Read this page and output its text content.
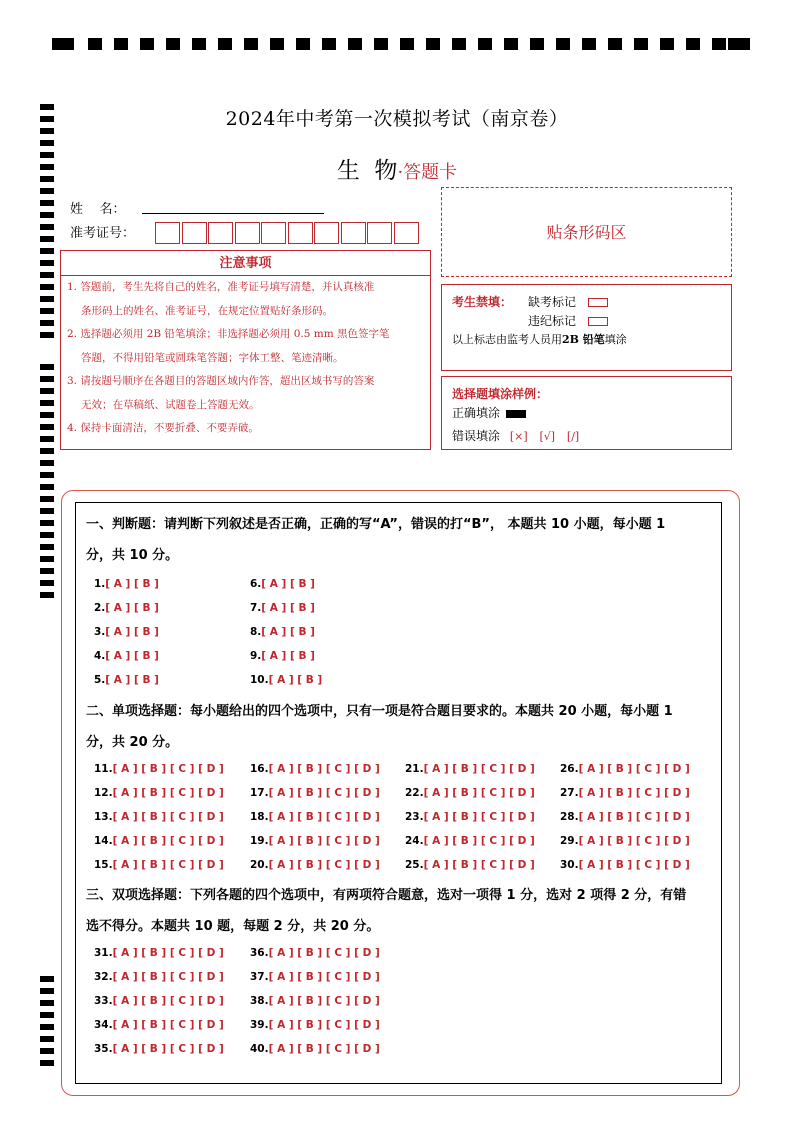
2024年中考第一次模拟考试（南京卷）
生  物·答题卡
姓    名：
准考证号：	贴条形码区
注意事项

1. 答题前，考生先将自己的姓名，准考证号填写清楚，并认真核准

条形码上的姓名、准考证号，在规定位置贴好条形码。

2. 选择题必须用 2B 铅笔填涂；非选择题必须用 0.5 mm 黑色签字笔

答题，不得用铅笔或圆珠笔答题；字体工整、笔迹清晰。

3. 请按题号顺序在各题目的答题区域内作答，超出区域书写的答案

无效；在草稿纸、试题卷上答题无效。

4. 保持卡面清洁，不要折叠、不要弄破。

考生禁填： 缺考标记
违纪标记
以上标志由监考人员用2B 铅笔填涂
选择题填涂样例：
正确填涂
错误填涂 [×] [√] [/]
一、判断题：请判断下列叙述是否正确，正确的写“A”，错误的打“B”， 本题共 10 小题，每小题 1
分，共 10 分。
1.[ A ] [ B ]
2.[ A ] [ B ]
3.[ A ] [ B ]
4.[ A ] [ B ]
5.[ A ] [ B ]
6.[ A ] [ B ]
7.[ A ] [ B ]
8.[ A ] [ B ]
9.[ A ] [ B ]
10.[ A ] [ B ]
二、单项选择题：每小题给出的四个选项中，只有一项是符合题目要求的。本题共 20 小题，每小题 1
分，共 20 分。
11.[ A ] [ B ] [ C ] [ D ]
12.[ A ] [ B ] [ C ] [ D ]
13.[ A ] [ B ] [ C ] [ D ]
14.[ A ] [ B ] [ C ] [ D ]
15.[ A ] [ B ] [ C ] [ D ]
16.[ A ] [ B ] [ C ] [ D ]
17.[ A ] [ B ] [ C ] [ D ]
18.[ A ] [ B ] [ C ] [ D ]
19.[ A ] [ B ] [ C ] [ D ]
20.[ A ] [ B ] [ C ] [ D ]
21.[ A ] [ B ] [ C ] [ D ]
22.[ A ] [ B ] [ C ] [ D ]
23.[ A ] [ B ] [ C ] [ D ]
24.[ A ] [ B ] [ C ] [ D ]
25.[ A ] [ B ] [ C ] [ D ]
26.[ A ] [ B ] [ C ] [ D ]
27.[ A ] [ B ] [ C ] [ D ]
28.[ A ] [ B ] [ C ] [ D ]
29.[ A ] [ B ] [ C ] [ D ]
30.[ A ] [ B ] [ C ] [ D ]
三、双项选择题：下列各题的四个选项中，有两项符合题意，选对一项得 1 分，选对 2 项得 2 分，有错
选不得分。本题共 10 题，每题 2 分，共 20 分。
31.[ A ] [ B ] [ C ] [ D ]
32.[ A ] [ B ] [ C ] [ D ]
33.[ A ] [ B ] [ C ] [ D ]
34.[ A ] [ B ] [ C ] [ D ]
35.[ A ] [ B ] [ C ] [ D ]
36.[ A ] [ B ] [ C ] [ D ]
37.[ A ] [ B ] [ C ] [ D ]
38.[ A ] [ B ] [ C ] [ D ]
39.[ A ] [ B ] [ C ] [ D ]
40.[ A ] [ B ] [ C ] [ D ]
